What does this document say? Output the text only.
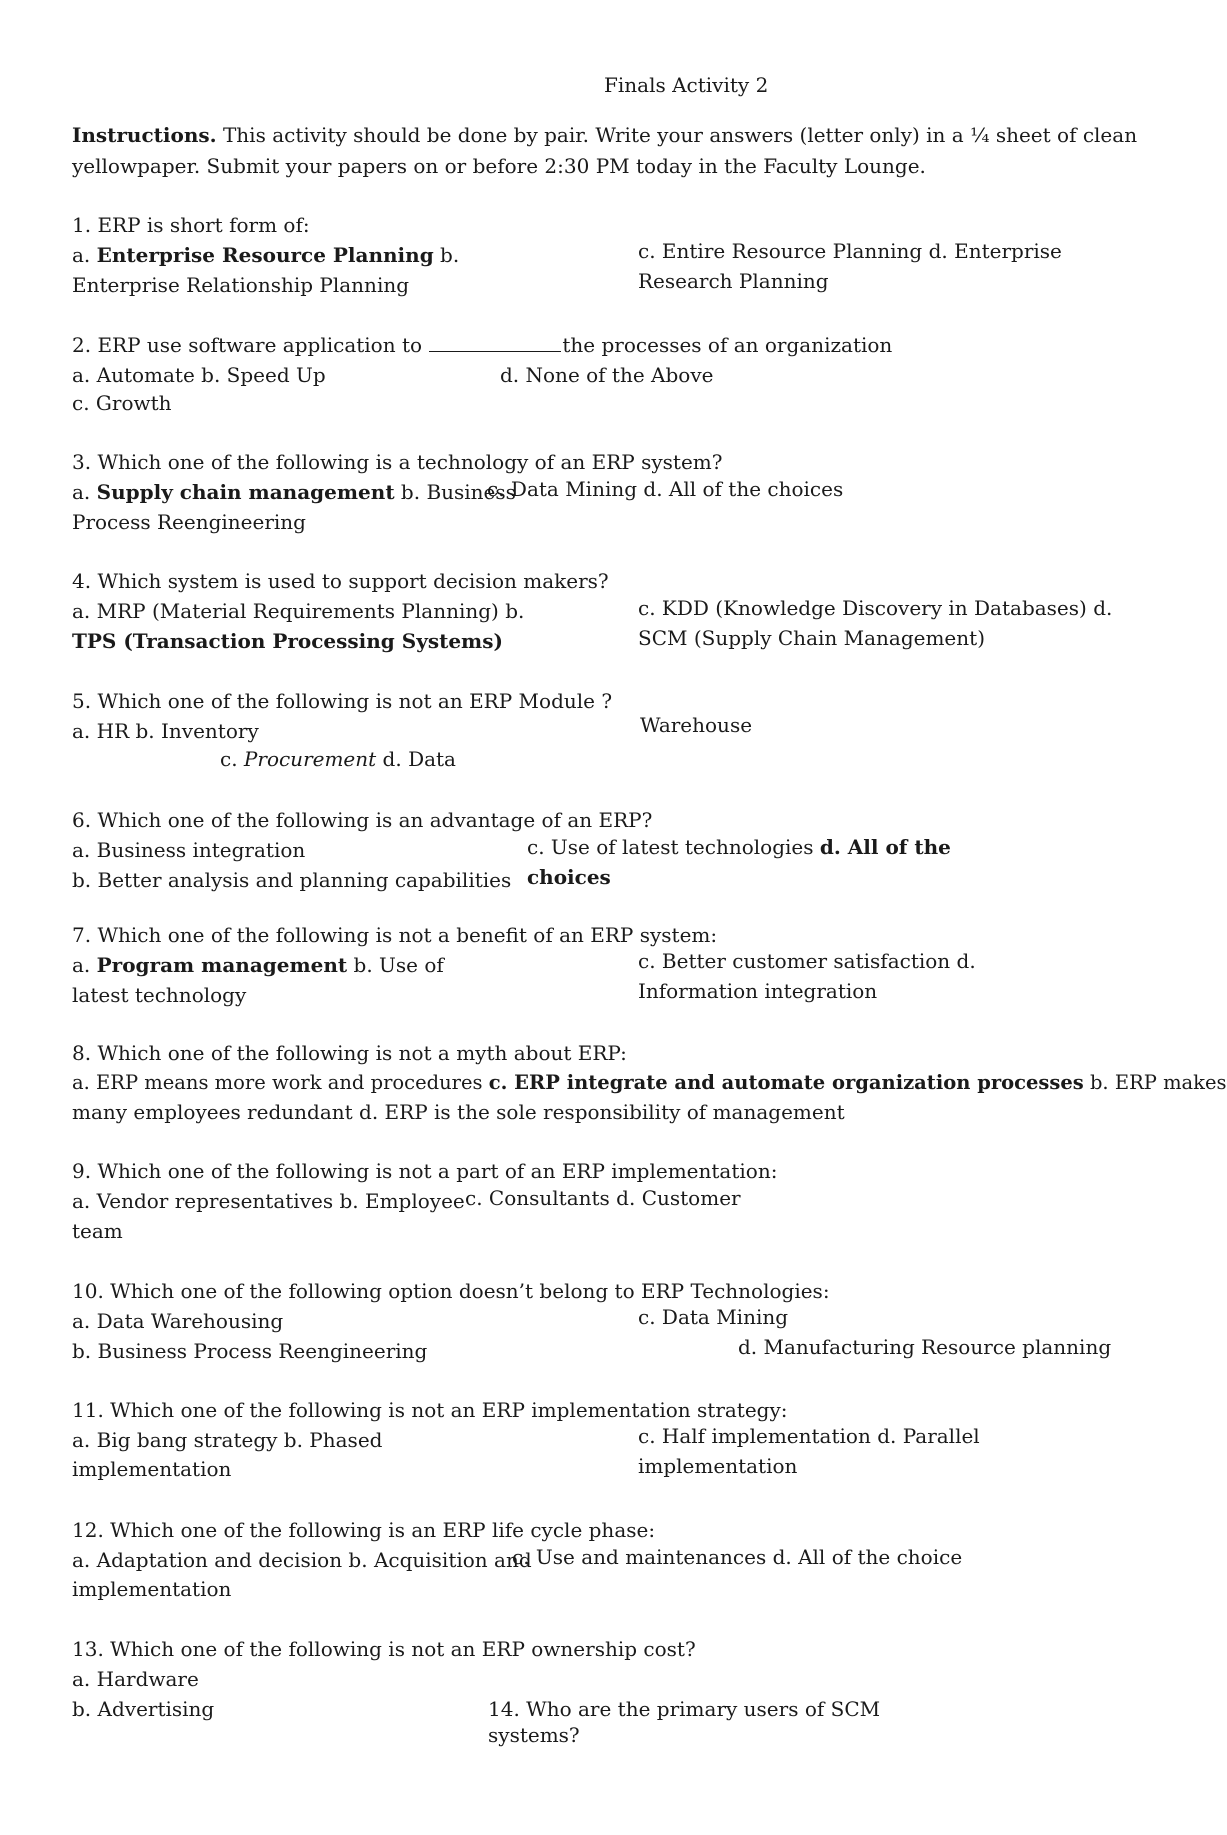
Finals Activity 2
Instructions. This activity should be done by pair. Write your answers (letter only) in a ¼ sheet of clean
yellowpaper. Submit your papers on or before 2:30 PM today in the Faculty Lounge.
1. ERP is short form of:
a. Enterprise Resource Planning b.
Enterprise Relationship Planning
c. Entire Resource Planning d. Enterprise
Research Planning
2. ERP use software application to	the processes of an organization
a. Automate b. Speed Up	d. None of the Above
c. Growth
3. Which one of the following is a technology of an ERP system?
a. Supply chain management b. Business
Process Reengineering
c. Data Mining d. All of the choices
4. Which system is used to support decision makers?
a. MRP (Material Requirements Planning) b.
TPS (Transaction Processing Systems)
c. KDD (Knowledge Discovery in Databases) d.
SCM (Supply Chain Management)
5. Which one of the following is not an ERP Module ?
a. HR b. Inventory
c. Procurement d. Data
Warehouse
6. Which one of the following is an advantage of an ERP?
a. Business integration
b. Better analysis and planning capabilities
c. Use of latest technologies d. All of the
choices
7. Which one of the following is not a benefit of an ERP system:
a. Program management b. Use of
latest technology
c. Better customer satisfaction d.
Information integration
8. Which one of the following is not a myth about ERP:
a. ERP means more work and procedures c. ERP integrate and automate organization processes b. ERP makes
many employees redundant d. ERP is the sole responsibility of management
9. Which one of the following is not a part of an ERP implementation:
a. Vendor representatives b. Employee
team
c. Consultants d. Customer
10. Which one of the following option doesn’t belong to ERP Technologies:
a. Data Warehousing
b. Business Process Reengineering
c. Data Mining
d. Manufacturing Resource planning
11. Which one of the following is not an ERP implementation strategy:
a. Big bang strategy b. Phased
implementation
c. Half implementation d. Parallel
implementation
12. Which one of the following is an ERP life cycle phase:
a. Adaptation and decision b. Acquisition and
implementation
c. Use and maintenances d. All of the choice
13. Which one of the following is not an ERP ownership cost?
a. Hardware
b. Advertising	14. Who are the primary users of SCM
systems?
